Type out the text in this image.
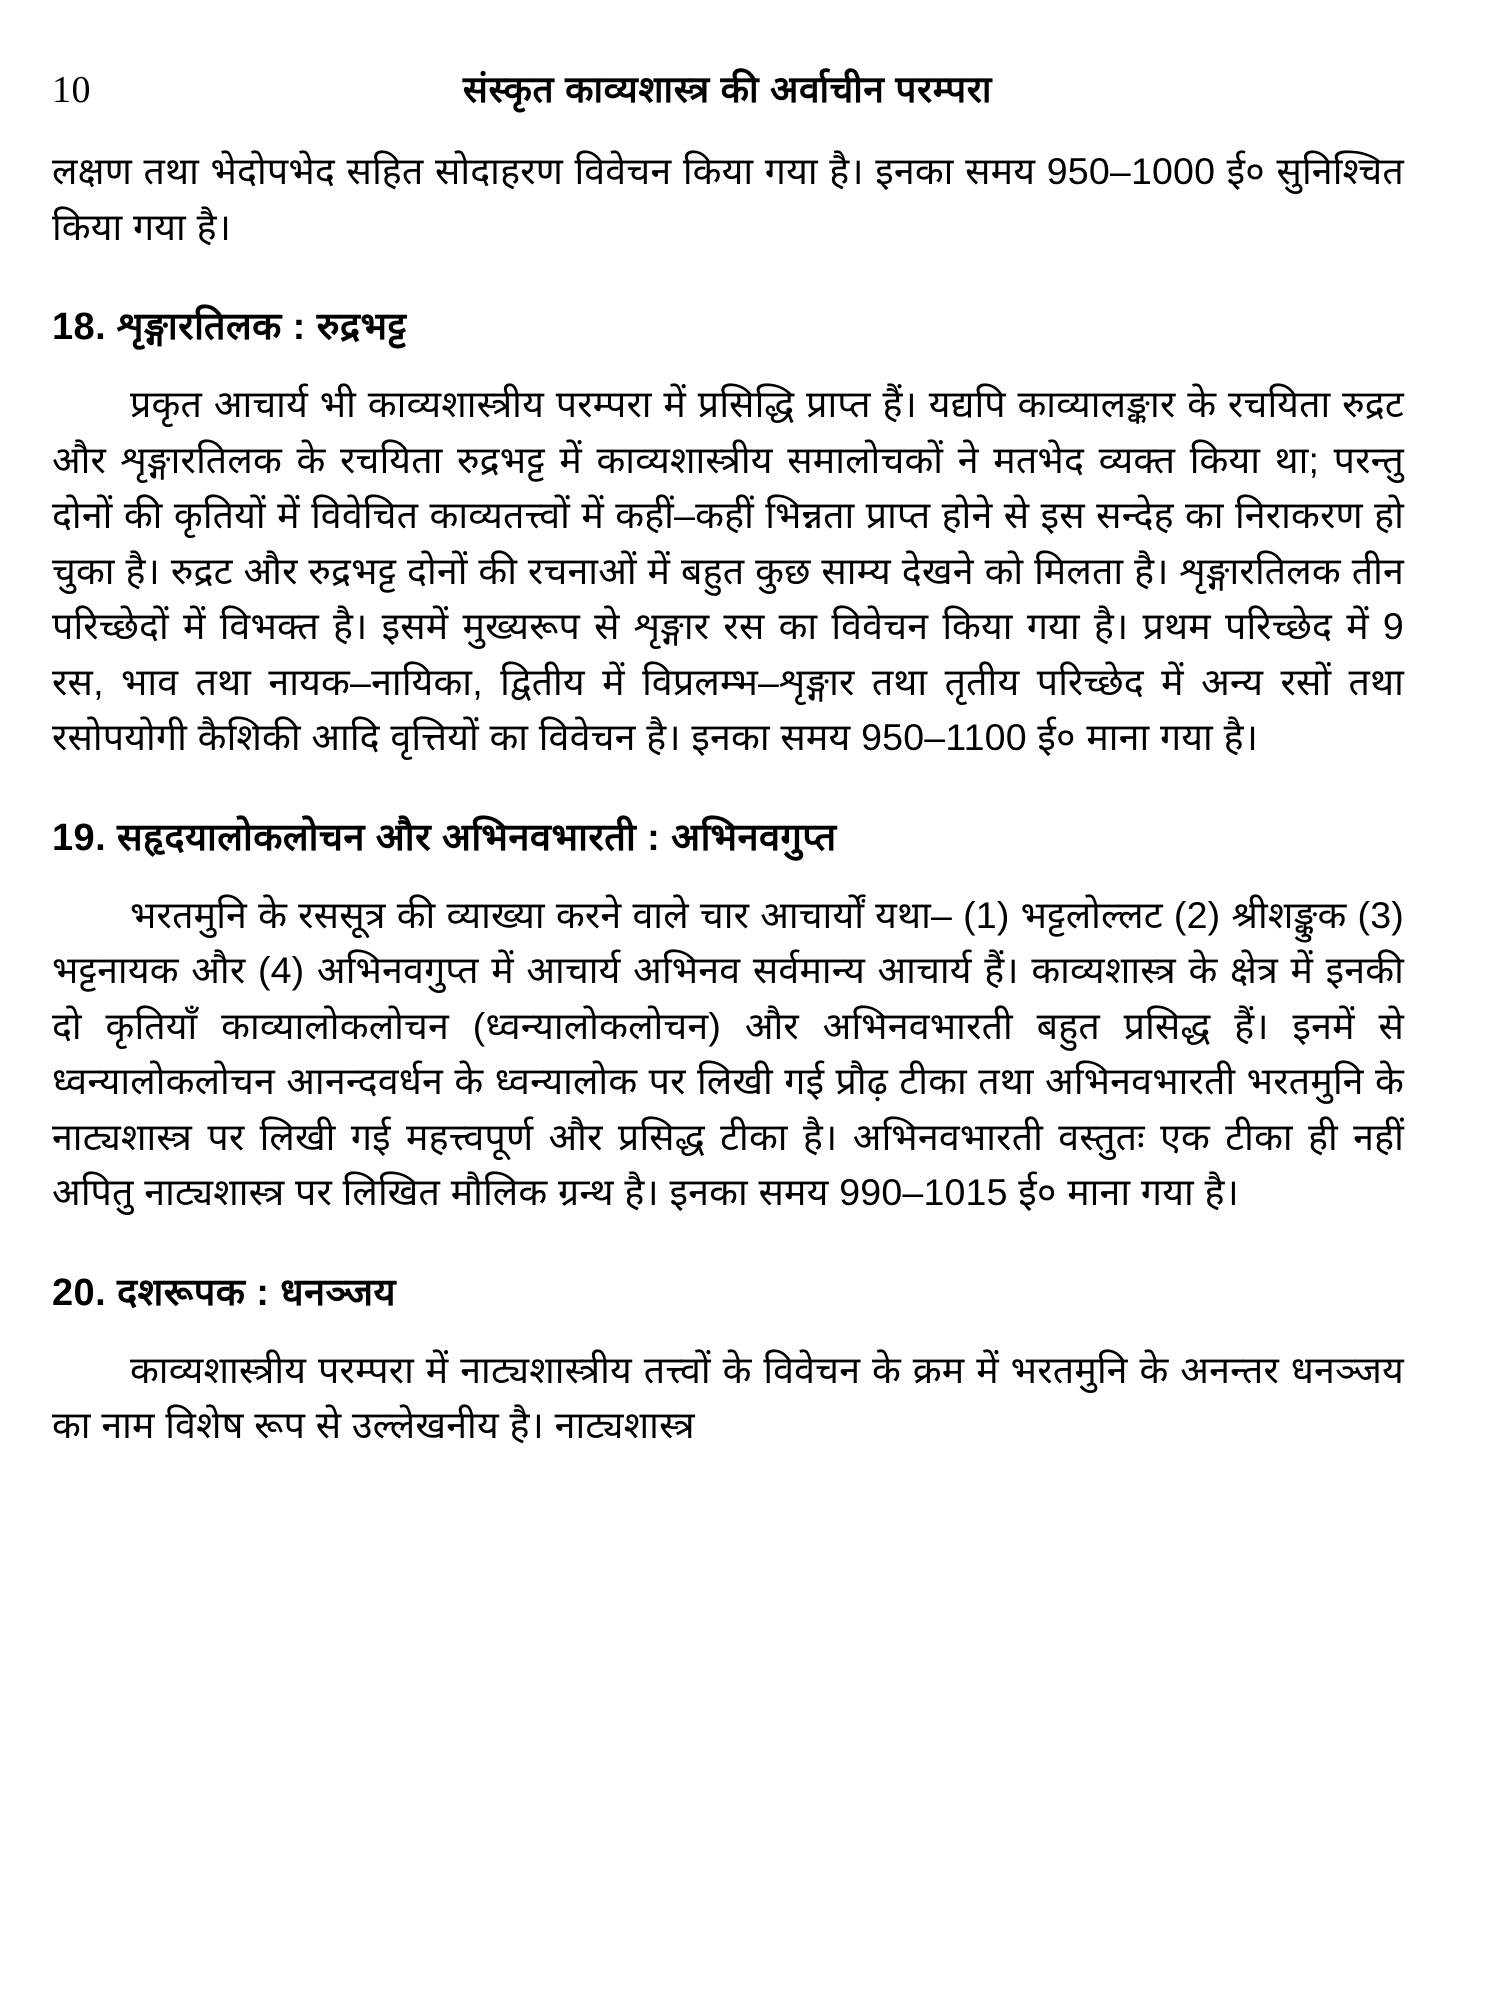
10	संस्कृत काव्यशास्त्र की अर्वाचीन परम्परा

लक्षण तथा भेदोपभेद सहित सोदाहरण विवेचन किया गया है। इनका समय 950–1000 ई० सुनिश्चित किया गया है।

18. शृङ्गारतिलक : रुद्रभट्ट

प्रकृत आचार्य भी काव्यशास्त्रीय परम्परा में प्रसिद्धि प्राप्त हैं। यद्यपि काव्यालङ्कार के रचयिता रुद्रट और शृङ्गारतिलक के रचयिता रुद्रभट्ट में काव्यशास्त्रीय समालोचकों ने मतभेद व्यक्त किया था; परन्तु दोनों की कृतियों में विवेचित काव्यतत्त्वों में कहीं–कहीं भिन्नता प्राप्त होने से इस सन्देह का निराकरण हो चुका है। रुद्रट और रुद्रभट्ट दोनों की रचनाओं में बहुत कुछ साम्य देखने को मिलता है। शृङ्गारतिलक तीन परिच्छेदों में विभक्त है। इसमें मुख्यरूप से शृङ्गार रस का विवेचन किया गया है। प्रथम परिच्छेद में 9 रस, भाव तथा नायक–नायिका, द्वितीय में विप्रलम्भ–शृङ्गार तथा तृतीय परिच्छेद में अन्य रसों तथा रसोपयोगी कैशिकी आदि वृत्तियों का विवेचन है। इनका समय 950–1100 ई० माना गया है।

19. सहृदयालोकलोचन और अभिनवभारती : अभिनवगुप्त

भरतमुनि के रससूत्र की व्याख्या करने वाले चार आचार्यों यथा– (1) भट्टलोल्लट (2) श्रीशङ्कुक (3) भट्टनायक और (4) अभिनवगुप्त में आचार्य अभिनव सर्वमान्य आचार्य हैं। काव्यशास्त्र के क्षेत्र में इनकी दो कृतियाँ काव्यालोकलोचन (ध्वन्यालोकलोचन) और अभिनवभारती बहुत प्रसिद्ध हैं। इनमें से ध्वन्यालोकलोचन आनन्दवर्धन के ध्वन्यालोक पर लिखी गई प्रौढ़ टीका तथा अभिनवभारती भरतमुनि के नाट्यशास्त्र पर लिखी गई महत्त्वपूर्ण और प्रसिद्ध टीका है। अभिनवभारती वस्तुतः एक टीका ही नहीं अपितु नाट्यशास्त्र पर लिखित मौलिक ग्रन्थ है। इनका समय 990–1015 ई० माना गया है।

20. दशरूपक : धनञ्जय

काव्यशास्त्रीय परम्परा में नाट्यशास्त्रीय तत्त्वों के विवेचन के क्रम में भरतमुनि के अनन्तर धनञ्जय का नाम विशेष रूप से उल्लेखनीय है। नाट्यशास्त्र
